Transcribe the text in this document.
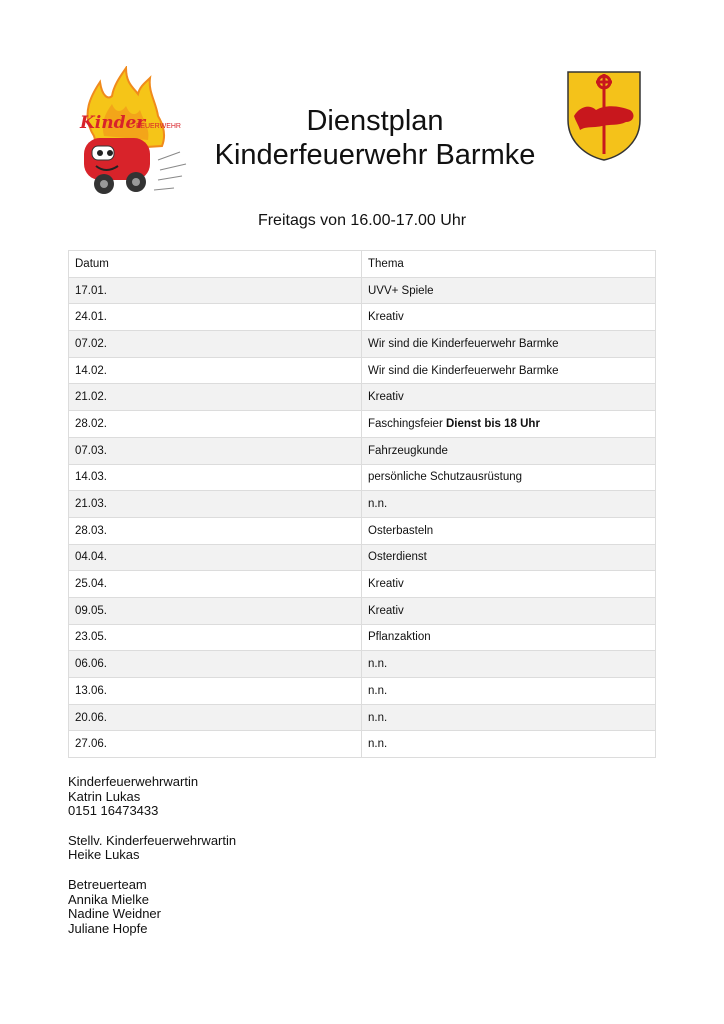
Kinder
FEUERWEHR	Dienstplan
Kinderfeuerwehr Barmke
Freitags von 16.00-17.00 Uhr
Datum	Thema
17.01.	UVV+ Spiele
24.01.	Kreativ
07.02.	Wir sind die Kinderfeuerwehr Barmke
14.02.	Wir sind die Kinderfeuerwehr Barmke
21.02.	Kreativ
28.02.	Faschingsfeier Dienst bis 18 Uhr
07.03.	Fahrzeugkunde
14.03.	persönliche Schutzausrüstung
21.03.	n.n.
28.03.	Osterbasteln
04.04.	Osterdienst
25.04.	Kreativ
09.05.	Kreativ
23.05.	Pflanzaktion
06.06.	n.n.
13.06.	n.n.
20.06.	n.n.
27.06.	n.n.
Kinderfeuerwehrwartin
Katrin Lukas
0151 16473433
Stellv. Kinderfeuerwehrwartin
Heike Lukas
Betreuerteam
Annika Mielke
Nadine Weidner
Juliane Hopfe
